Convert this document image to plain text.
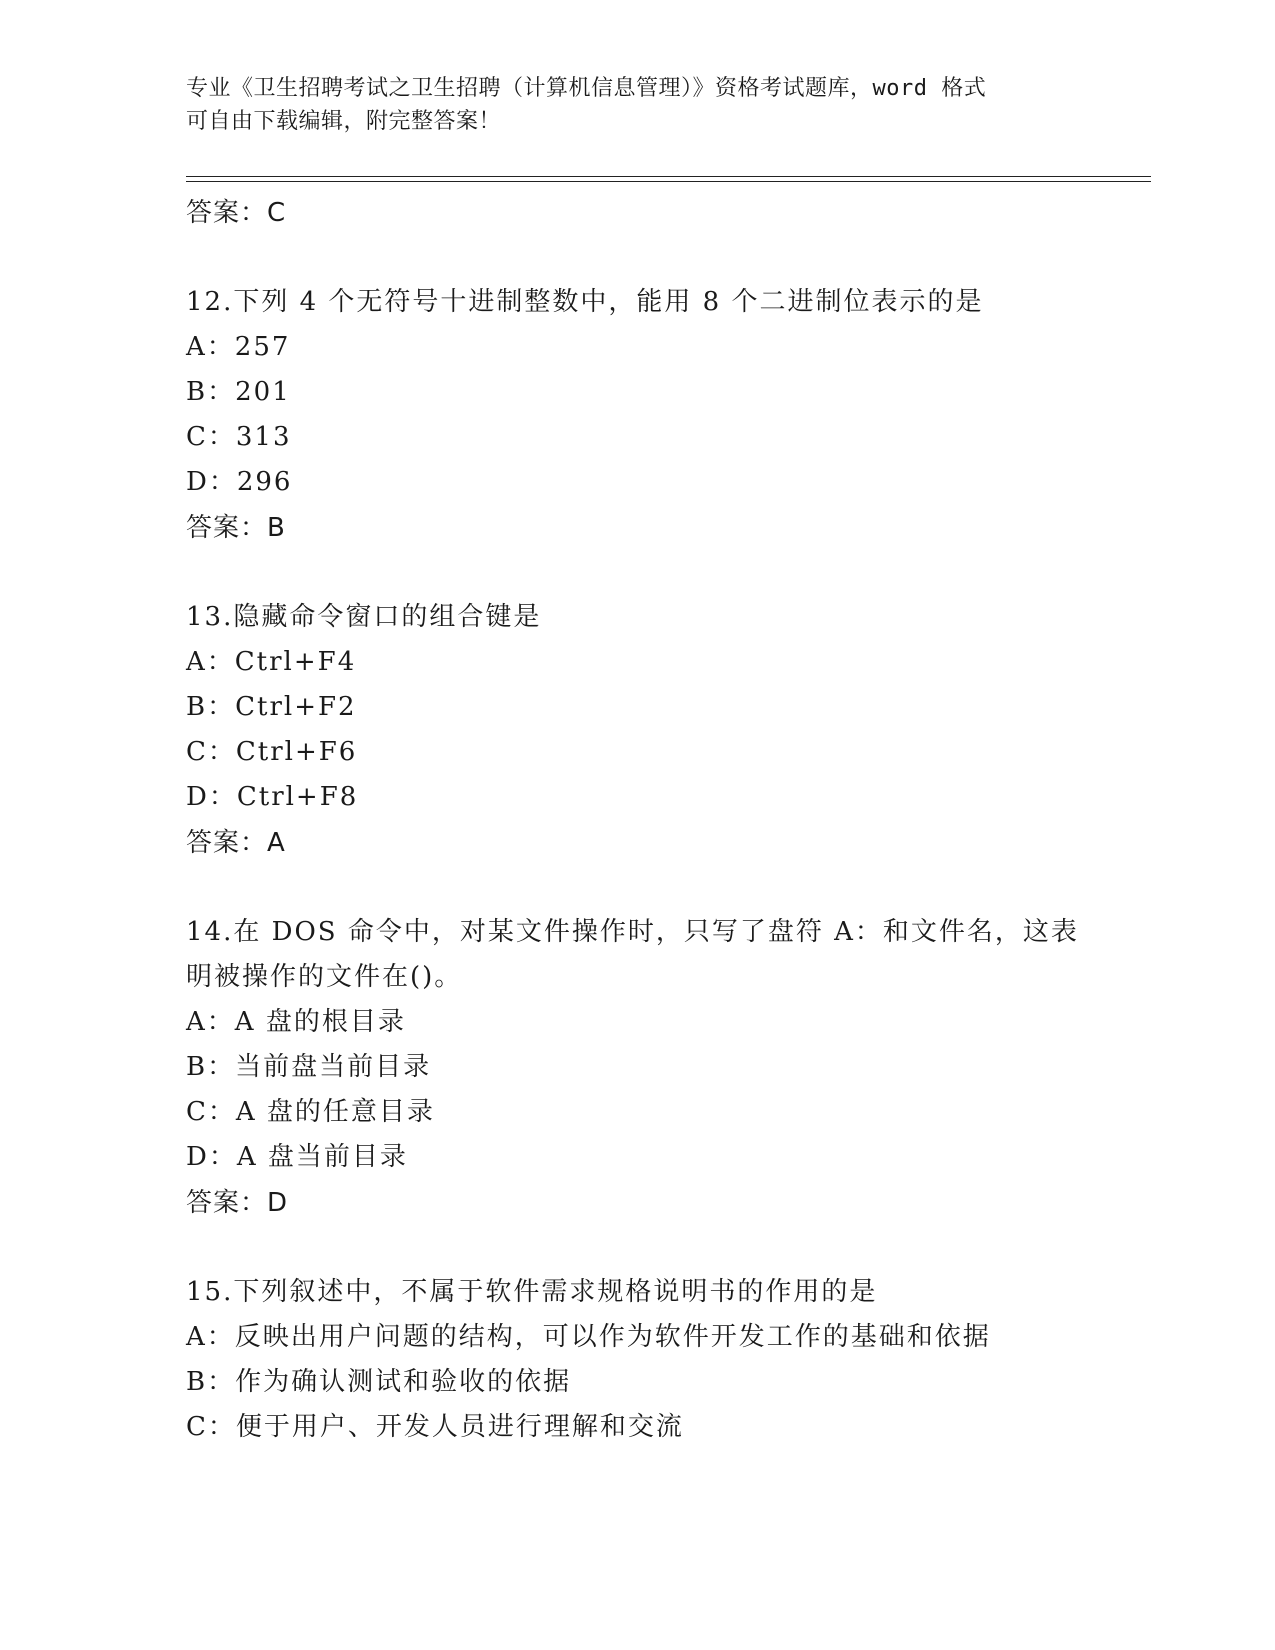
专业《卫生招聘考试之卫生招聘（计算机信息管理）》资格考试题库，word 格式
可自由下载编辑，附完整答案！
答案：C
12.下列 4 个无符号十进制整数中，能用 8 个二进制位表示的是
A：257
B：201
C：313
D：296
答案：B
13.隐藏命令窗口的组合键是
A：Ctrl+F4
B：Ctrl+F2
C：Ctrl+F6
D：Ctrl+F8
答案：A
14.在 DOS 命令中，对某文件操作时，只写了盘符 A：和文件名，这表
明被操作的文件在()。
A：A 盘的根目录
B：当前盘当前目录
C：A 盘的任意目录
D：A 盘当前目录
答案：D
15.下列叙述中，不属于软件需求规格说明书的作用的是
A：反映出用户问题的结构，可以作为软件开发工作的基础和依据
B：作为确认测试和验收的依据
C：便于用户、开发人员进行理解和交流
